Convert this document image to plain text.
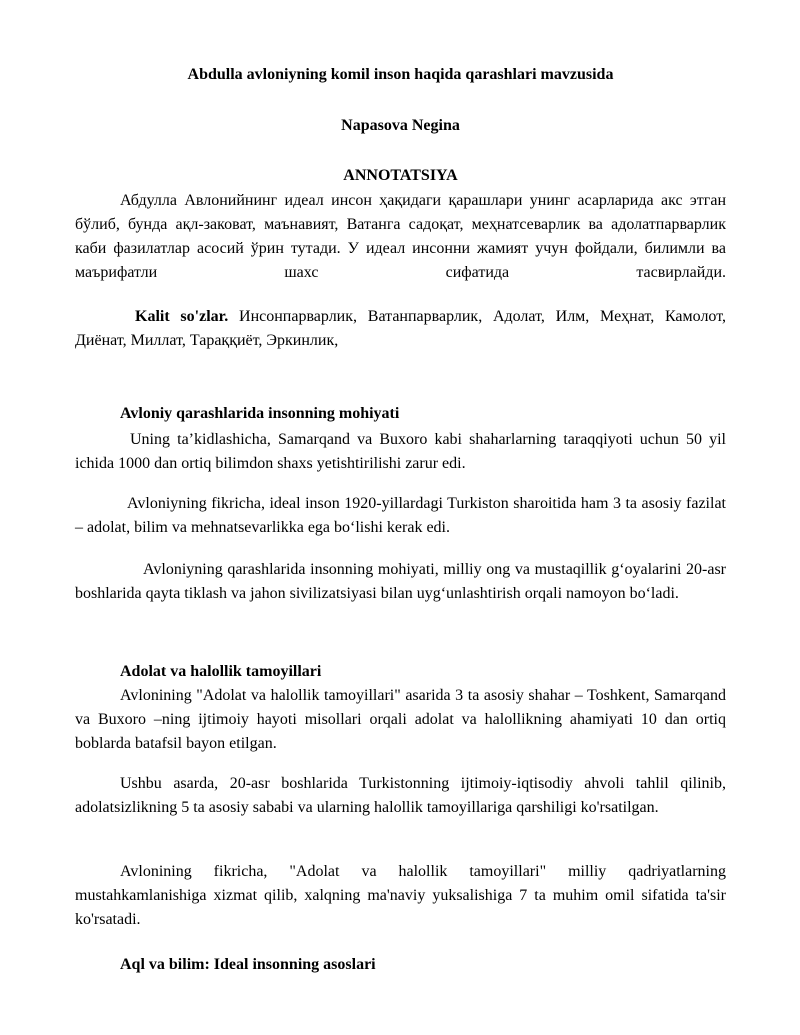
Abdulla avloniyning komil inson haqida qarashlari mavzusida
Napasova Negina
ANNOTATSIYA

Абдулла Авлонийнинг идеал инсон ҳақидаги қарашлари унинг асарларида акс этган бўлиб, бунда ақл-заковат, маънавият, Ватанга садоқат, меҳнатсеварлик ва адолатпарварлик каби фазилатлар асосий ўрин тутади. У идеал инсонни жамият учун фойдали, билимли ва маърифатли шахс сифатида тасвирлайди.

Kalit so'zlar. Инсонпарварлик, Ватанпарварлик, Адолат, Илм, Меҳнат, Камолот, Диёнат, Миллат, Тараққиёт, Эркинлик,

Avloniy qarashlarida insonning mohiyati

Uning ta’kidlashicha, Samarqand va Buxoro kabi shaharlarning taraqqiyoti uchun 50 yil ichida 1000 dan ortiq bilimdon shaxs yetishtirilishi zarur edi.

Avloniyning fikricha, ideal inson 1920-yillardagi Turkiston sharoitida ham 3 ta asosiy fazilat – adolat, bilim va mehnatsevarlikka ega bo‘lishi kerak edi.

Avloniyning qarashlarida insonning mohiyati, milliy ong va mustaqillik g‘oyalarini 20-asr boshlarida qayta tiklash va jahon sivilizatsiyasi bilan uyg‘unlashtirish orqali namoyon bo‘ladi.

Adolat va halollik tamoyillari

Avlonining "Adolat va halollik tamoyillari" asarida 3 ta asosiy shahar – Toshkent, Samarqand va Buxoro –ning ijtimoiy hayoti misollari orqali adolat va halollikning ahamiyati 10 dan ortiq boblarda batafsil bayon etilgan.

Ushbu asarda, 20-asr boshlarida Turkistonning ijtimoiy-iqtisodiy ahvoli tahlil qilinib, adolatsizlikning 5 ta asosiy sababi va ularning halollik tamoyillariga qarshiligi ko'rsatilgan.

Avlonining fikricha, "Adolat va halollik tamoyillari" milliy qadriyatlarning mustahkamlanishiga xizmat qilib, xalqning ma'naviy yuksalishiga 7 ta muhim omil sifatida ta'sir ko'rsatadi.

Aql va bilim: Ideal insonning asoslari
